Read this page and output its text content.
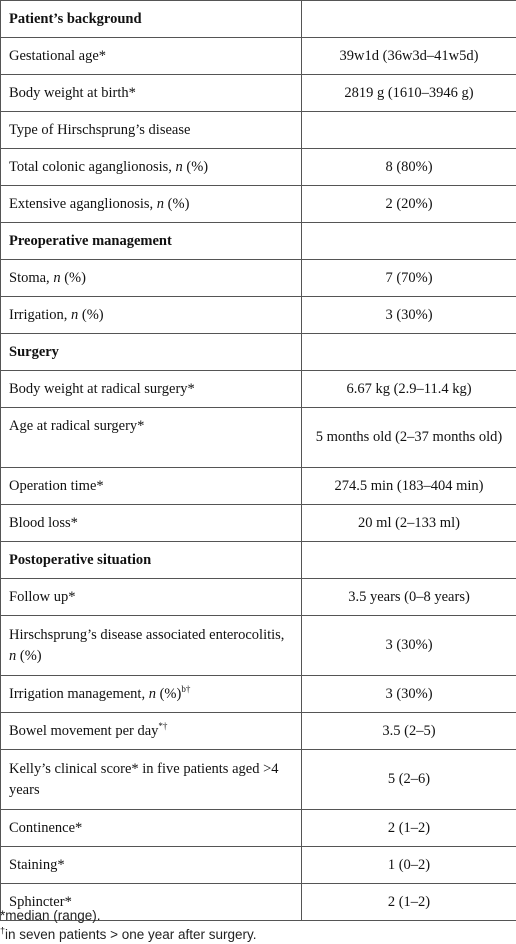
Patient’s background	
Gestational age*	39w1d (36w3d–41w5d)
Body weight at birth*	2819 g (1610–3946 g)
Type of Hirschsprung’s disease	
Total colonic aganglionosis, n (%)	8 (80%)
Extensive aganglionosis, n (%)	2 (20%)
Preoperative management	
Stoma, n (%)	7 (70%)
Irrigation, n (%)	3 (30%)
Surgery	
Body weight at radical surgery*	6.67 kg (2.9–11.4 kg)
Age at radical surgery*	5 months old (2–37 months old)
Operation time*	274.5 min (183–404 min)
Blood loss*	20 ml (2–133 ml)
Postoperative situation	
Follow up*	3.5 years (0–8 years)
Hirschsprung’s disease associated enterocolitis, n (%)	3 (30%)
Irrigation management, n (%)$^{b\dagger}$	3 (30%)
Bowel movement per day*†	3.5 (2–5)
Kelly’s clinical score* in five patients aged >4 years	5 (2–6)
Continence*	2 (1–2)
Staining*	1 (0–2)
Sphincter*	2 (1–2)
*median (range).
†in seven patients > one year after surgery.
